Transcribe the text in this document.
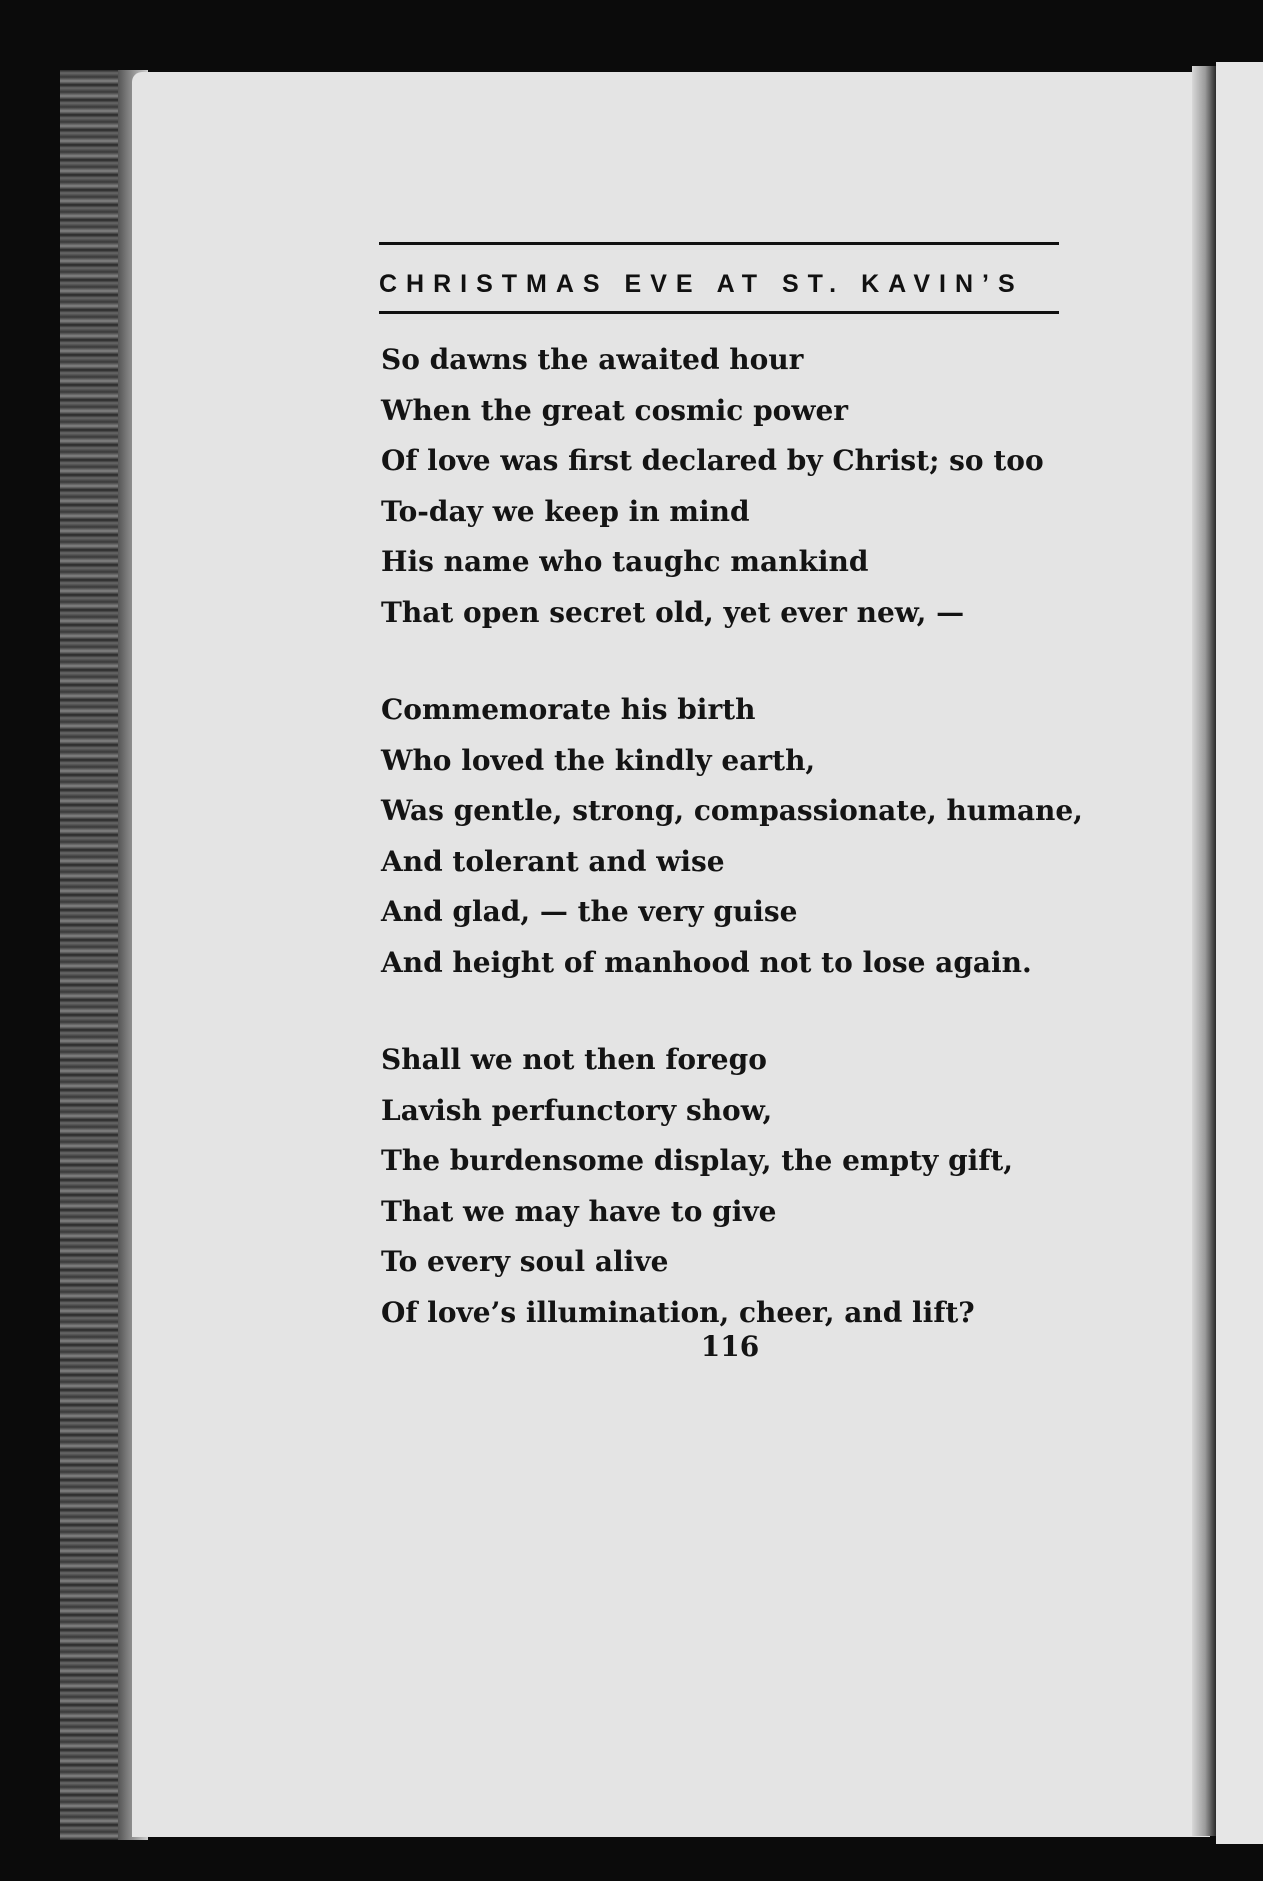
CHRISTMAS EVE AT ST. KAVIN’S
So dawns the awaited hour
When the great cosmic power
Of love was first declared by Christ; so too
To-day we keep in mind
His name who taughc mankind
That open secret old, yet ever new, —
Commemorate his birth
Who loved the kindly earth,
Was gentle, strong, compassionate, humane,
And tolerant and wise
And glad, — the very guise
And height of manhood not to lose again.
Shall we not then forego
Lavish perfunctory show,
The burdensome display, the empty gift,
That we may have to give
To every soul alive
Of love’s illumination, cheer, and lift?
116
